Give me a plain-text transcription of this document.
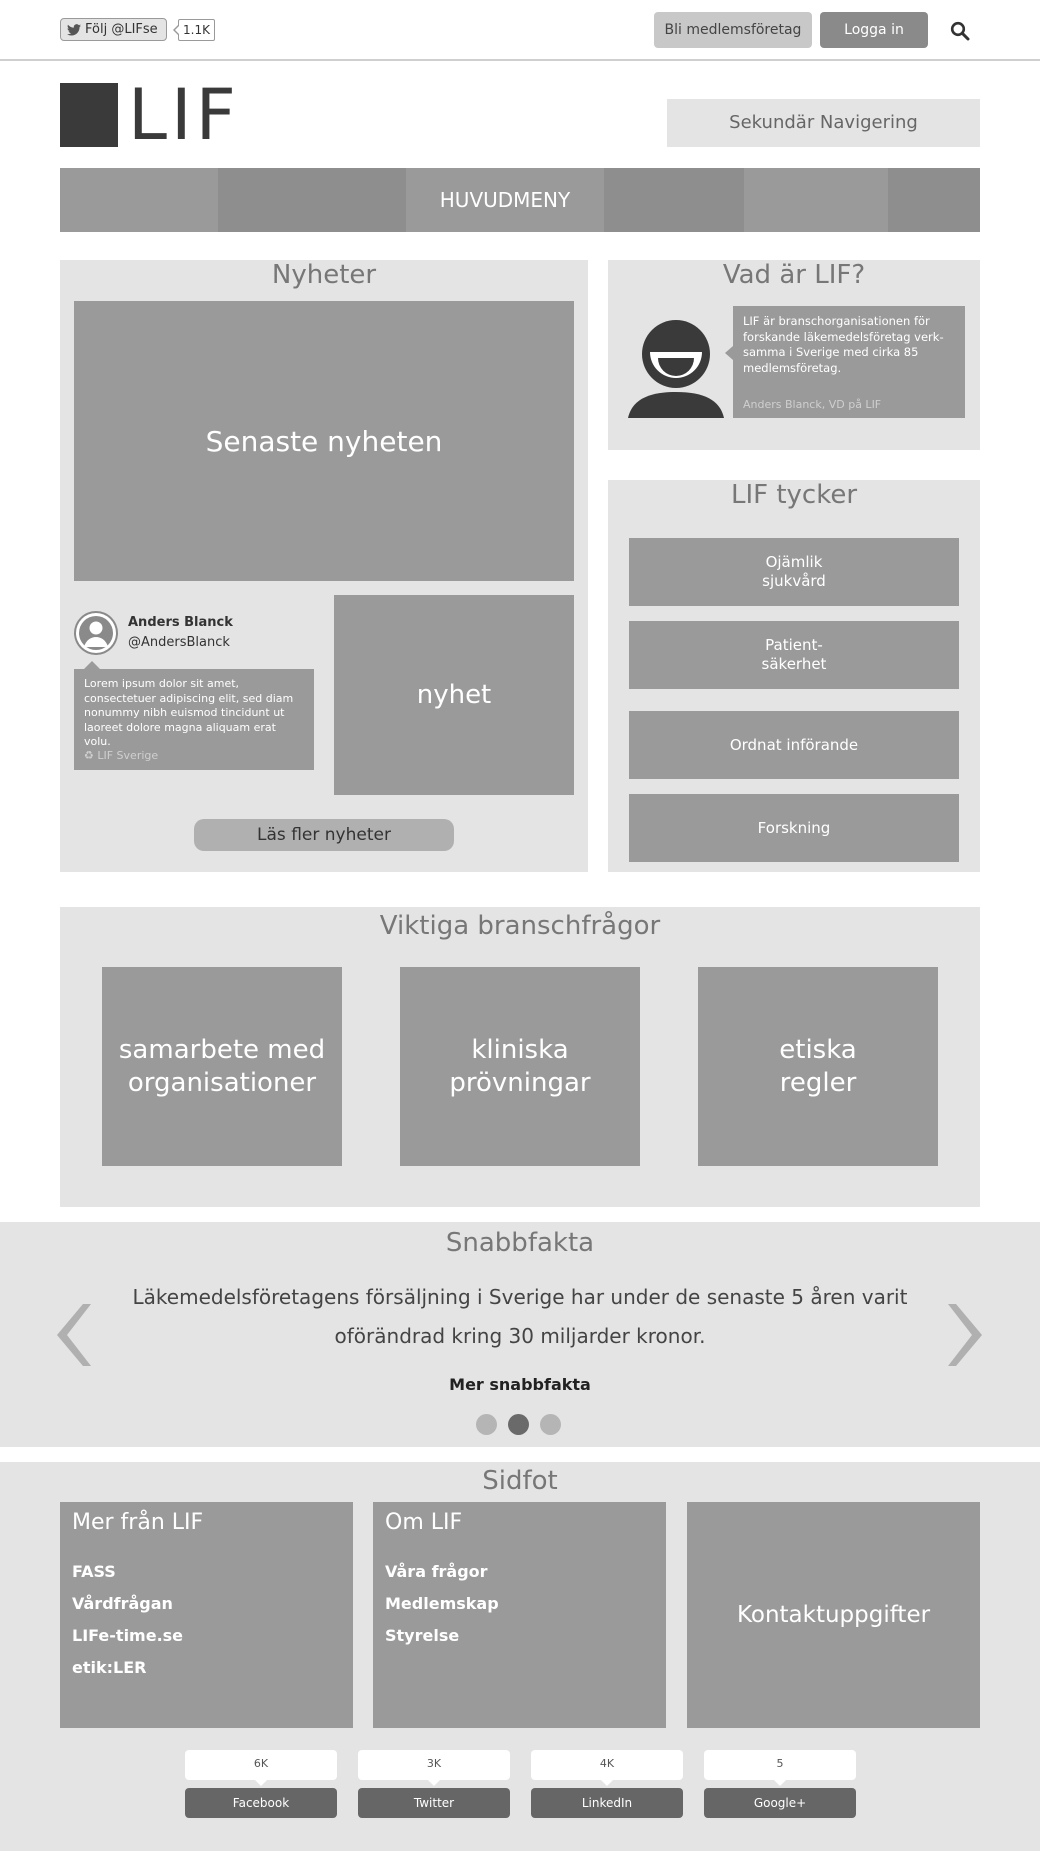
Följ @LIFse	1.1K	Bli medlemsföretag	Logga in
LIF	Sekundär Navigering
HUVUDMENY
Nyheter
Senaste nyheten
Anders Blanck
@AndersBlanck
Lorem ipsum dolor sit amet, consectetuer adipiscing elit, sed diam nonummy nibh euismod tincidunt ut laoreet dolore magna aliquam erat volu.
♻ LIF Sverige
nyhet
Läs fler nyheter
Vad är LIF?
LIF är branschorganisationen för forskande läkemedelsföretag verk-samma i Sverige med cirka 85 medlemsföretag.
Anders Blanck, VD på LIF
LIF tycker
Ojämlik
sjukvård
Patient-
säkerhet
Ordnat införande
Forskning
Viktiga branschfrågor
samarbete med
organisationer
kliniska
prövningar
etiska
regler
Snabbfakta
Läkemedelsföretagens försäljning i Sverige har under de senaste 5 åren varit oförändrad kring 30 miljarder kronor.
Mer snabbfakta
Sidfot
Mer från LIF
FASS
Vårdfrågan
LIFe-time.se
etik:LER
Om LIF
Våra frågor
Medlemskap
Styrelse
Kontaktuppgifter
6K
Facebook
3K
Twitter
4K
LinkedIn
5
Google+
